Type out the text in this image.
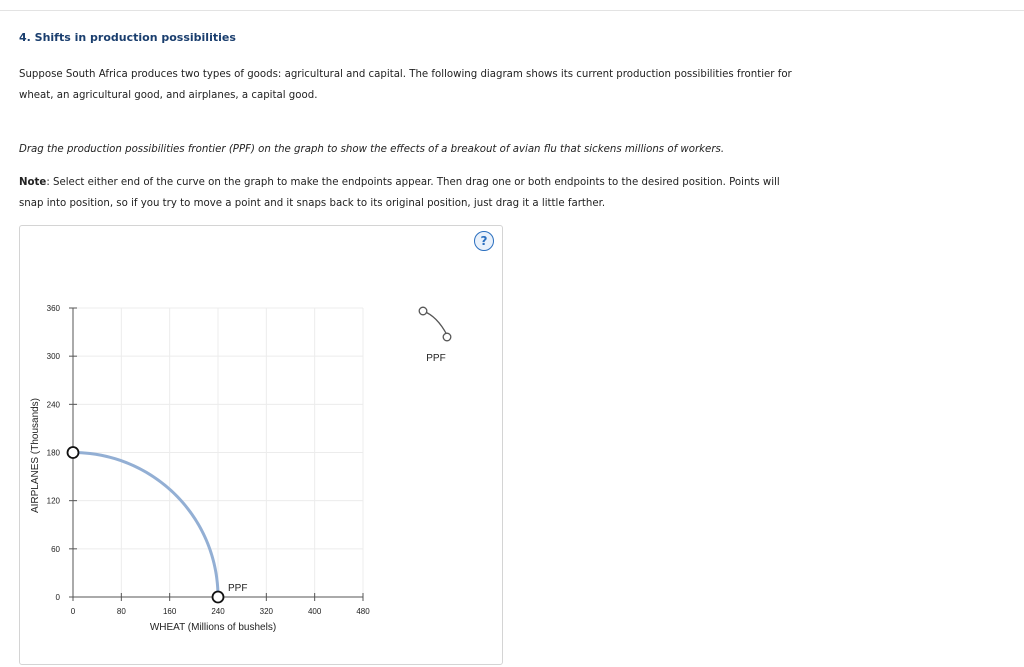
4. Shifts in production possibilities
Suppose South Africa produces two types of goods: agricultural and capital. The following diagram shows its current production possibilities frontier for
wheat, an agricultural good, and airplanes, a capital good.
Drag the production possibilities frontier (PPF) on the graph to show the effects of a breakout of avian flu that sickens millions of workers.
Note: Select either end of the curve on the graph to make the endpoints appear. Then drag one or both endpoints to the desired position. Points will
snap into position, so if you try to move a point and it snaps back to its original position, just drag it a little farther.
?
0
60
120
180
240
300
360
0	80	160	240	320	400	480
WHEAT (Millions of bushels)
AIRPLANES (Thousands)
PPF
PPF
